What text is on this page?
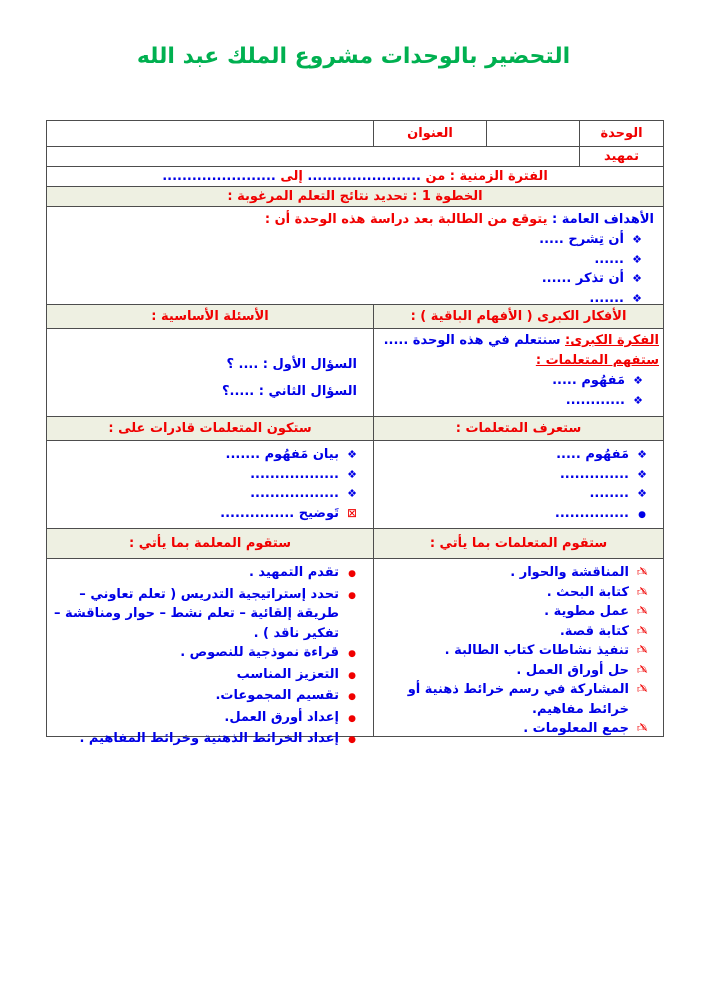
التحضير بالوحدات مشروع الملك عبد الله
الوحدة
العنوان
تمهيد
الفترة الزمنية : من ....................... إلى .......................
الخطوة 1 : تحديد نتائج التعلم المرغوبة :
الأهداف العامة : يتوقع من الطالبة بعد دراسة هذه الوحدة أن :
❖
أن تِشرح .....
❖
......
❖
أن تذكر ......
❖
.......
الأفكار الكبرى ( الأفهام الباقية ) :
الأسئلة الأساسية :
الفكرة الكبرى: سنتعلم في هذه الوحدة .....
ستفهم المتعلمات :
❖
مَفهُوم .....
❖
............
السؤال الأول : .... ؟
السؤال الثاني : .....؟
ستعرف المتعلمات :
ستكون المتعلمات قادرات على :
❖
مَفهُوم .....
❖
..............
❖
........
●
...............
❖
بيان مَفهُوم .......
❖
..................
❖
..................
⊠
تَوضيح ...............
ستقوم المتعلمات بما يأتي :
ستقوم المعلمة بما يأتي :
✍
المناقشة والحوار .
✍
كتابة البحث .
✍
عمل مطوية .
✍
كتابة قصة.
✍
تنفيذ نشاطات كتاب الطالبة .
✍
حل أوراق العمل .
✍
المشاركة في رسم خرائط ذهنية أو خرائط مفاهيم.
✍
جمع المعلومات .
●
تقدم التمهيد .
●
تحدد إستراتيجية التدريس ( تعلم تعاوني – طريقة إلقائية – تعلم نشط – حوار ومناقشة – تفكير ناقد ) .
●
قراءة نموذجية للنصوص .
●
التعزيز المناسب
●
تقسيم المجموعات.
●
إعداد أورق العمل.
●
إعداد الخرائط الذهنية وخرائط المفاهيم .
